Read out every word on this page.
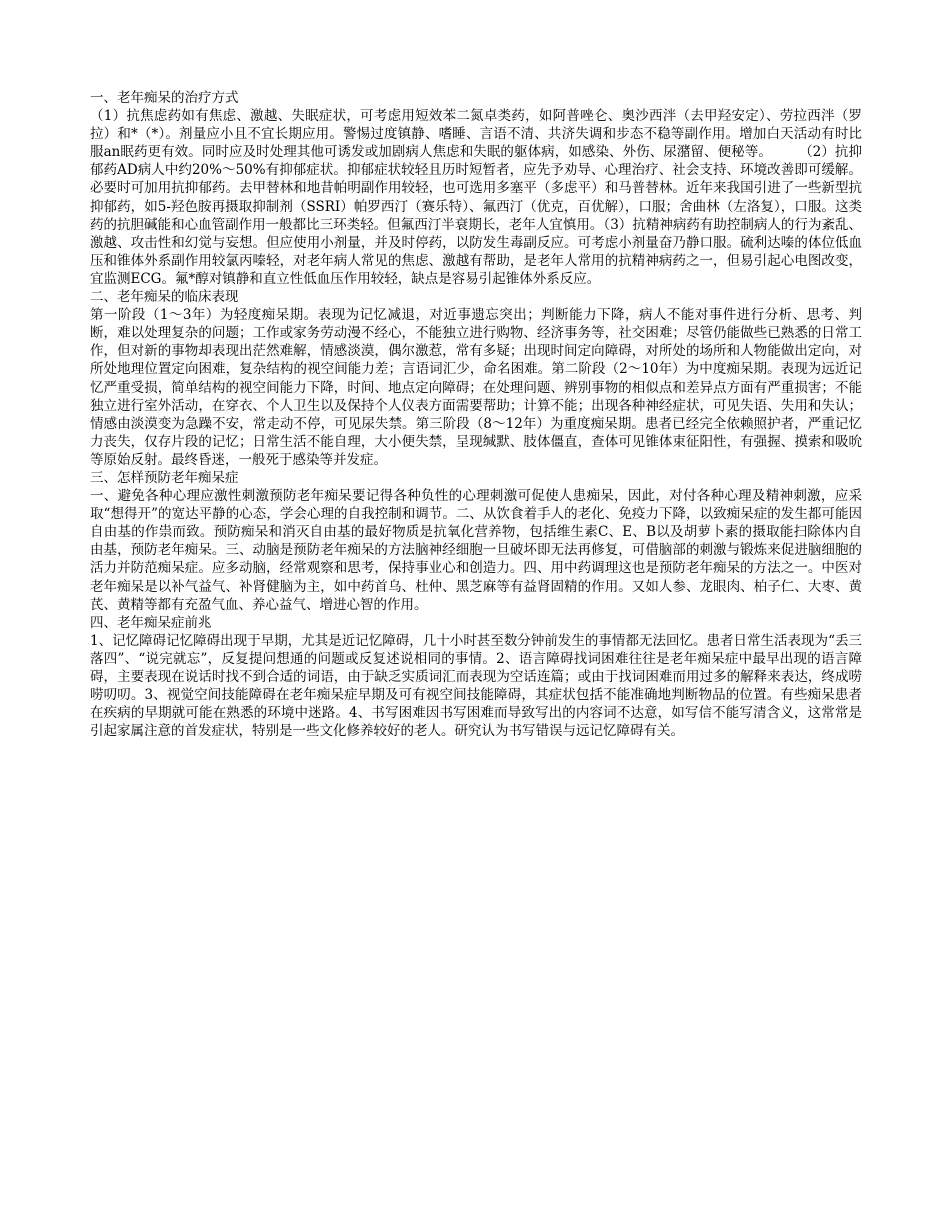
一、老年痴呆的治疗方式

（1）抗焦虑药如有焦虑、激越、失眠症状，可考虑用短效苯二氮卓类药，如阿普唑仑、奥沙西泮（去甲羟安定）、劳拉西泮（罗拉）和*（*）。剂量应小且不宜长期应用。警惕过度镇静、嗜睡、言语不清、共济失调和步态不稳等副作用。增加白天活动有时比服an眠药更有效。同时应及时处理其他可诱发或加剧病人焦虑和失眠的躯体病，如感染、外伤、尿潴留、便秘等。　　　（2）抗抑郁药AD病人中约20%～50%有抑郁症状。抑郁症状较轻且历时短暂者，应先予劝导、心理治疗、社会支持、环境改善即可缓解。必要时可加用抗抑郁药。去甲替林和地昔帕明副作用较轻，也可选用多塞平（多虑平）和马普替林。近年来我国引进了一些新型抗抑郁药，如5-羟色胺再摄取抑制剂（SSRI）帕罗西汀（赛乐特）、氟西汀（优克，百优解），口服；舍曲林（左洛复），口服。这类药的抗胆碱能和心血管副作用一般都比三环类轻。但氟西汀半衰期长，老年人宜慎用。（3）抗精神病药有助控制病人的行为紊乱、激越、攻击性和幻觉与妄想。但应使用小剂量，并及时停药，以防发生毒副反应。可考虑小剂量奋乃静口服。硫利达嗪的体位低血压和锥体外系副作用较氯丙嗪轻，对老年病人常见的焦虑、激越有帮助，是老年人常用的抗精神病药之一，但易引起心电图改变，宜监测ECG。氟*醇对镇静和直立性低血压作用较轻，缺点是容易引起锥体外系反应。

二、老年痴呆的临床表现

第一阶段（1～3年）为轻度痴呆期。表现为记忆减退，对近事遗忘突出；判断能力下降，病人不能对事件进行分析、思考、判断，难以处理复杂的问题；工作或家务劳动漫不经心，不能独立进行购物、经济事务等，社交困难；尽管仍能做些已熟悉的日常工作，但对新的事物却表现出茫然难解，情感淡漠，偶尔激惹，常有多疑；出现时间定向障碍，对所处的场所和人物能做出定向，对所处地理位置定向困难，复杂结构的视空间能力差；言语词汇少，命名困难。第二阶段（2～10年）为中度痴呆期。表现为远近记忆严重受损，简单结构的视空间能力下降，时间、地点定向障碍；在处理问题、辨别事物的相似点和差异点方面有严重损害；不能独立进行室外活动，在穿衣、个人卫生以及保持个人仪表方面需要帮助；计算不能；出现各种神经症状，可见失语、失用和失认；情感由淡漠变为急躁不安，常走动不停，可见尿失禁。第三阶段（8～12年）为重度痴呆期。患者已经完全依赖照护者，严重记忆力丧失，仅存片段的记忆；日常生活不能自理，大小便失禁，呈现缄默、肢体僵直，查体可见锥体束征阳性，有强握、摸索和吸吮等原始反射。最终昏迷，一般死于感染等并发症。

三、怎样预防老年痴呆症

一、避免各种心理应激性刺激预防老年痴呆要记得各种负性的心理刺激可促使人患痴呆，因此，对付各种心理及精神刺激，应采取“想得开”的宽达平静的心态，学会心理的自我控制和调节。二、从饮食着手人的老化、免疫力下降，以致痴呆症的发生都可能因自由基的作祟而致。预防痴呆和消灭自由基的最好物质是抗氧化营养物，包括维生素C、E、B以及胡萝卜素的摄取能扫除体内自由基，预防老年痴呆。三、动脑是预防老年痴呆的方法脑神经细胞一旦破坏即无法再修复，可借脑部的刺激与锻炼来促进脑细胞的活力并防范痴呆症。应多动脑，经常观察和思考，保持事业心和创造力。四、用中药调理这也是预防老年痴呆的方法之一。中医对老年痴呆是以补气益气、补肾健脑为主，如中药首乌、杜仲、黑芝麻等有益肾固精的作用。又如人参、龙眼肉、柏子仁、大枣、黄芪、黄精等都有充盈气血、养心益气、增进心智的作用。

四、老年痴呆症前兆

1、记忆障碍记忆障碍出现于早期，尤其是近记忆障碍，几十小时甚至数分钟前发生的事情都无法回忆。患者日常生活表现为“丢三落四”、“说完就忘”，反复提问想通的问题或反复述说相同的事情。2、语言障碍找词困难往往是老年痴呆症中最早出现的语言障碍，主要表现在说话时找不到合适的词语，由于缺乏实质词汇而表现为空话连篇；或由于找词困难而用过多的解释来表达，终成唠唠叨叨。3、视觉空间技能障碍在老年痴呆症早期及可有视空间技能障碍，其症状包括不能准确地判断物品的位置。有些痴呆患者在疾病的早期就可能在熟悉的环境中迷路。4、书写困难因书写困难而导致写出的内容词不达意，如写信不能写清含义，这常常是引起家属注意的首发症状，特别是一些文化修养较好的老人。研究认为书写错误与远记忆障碍有关。
